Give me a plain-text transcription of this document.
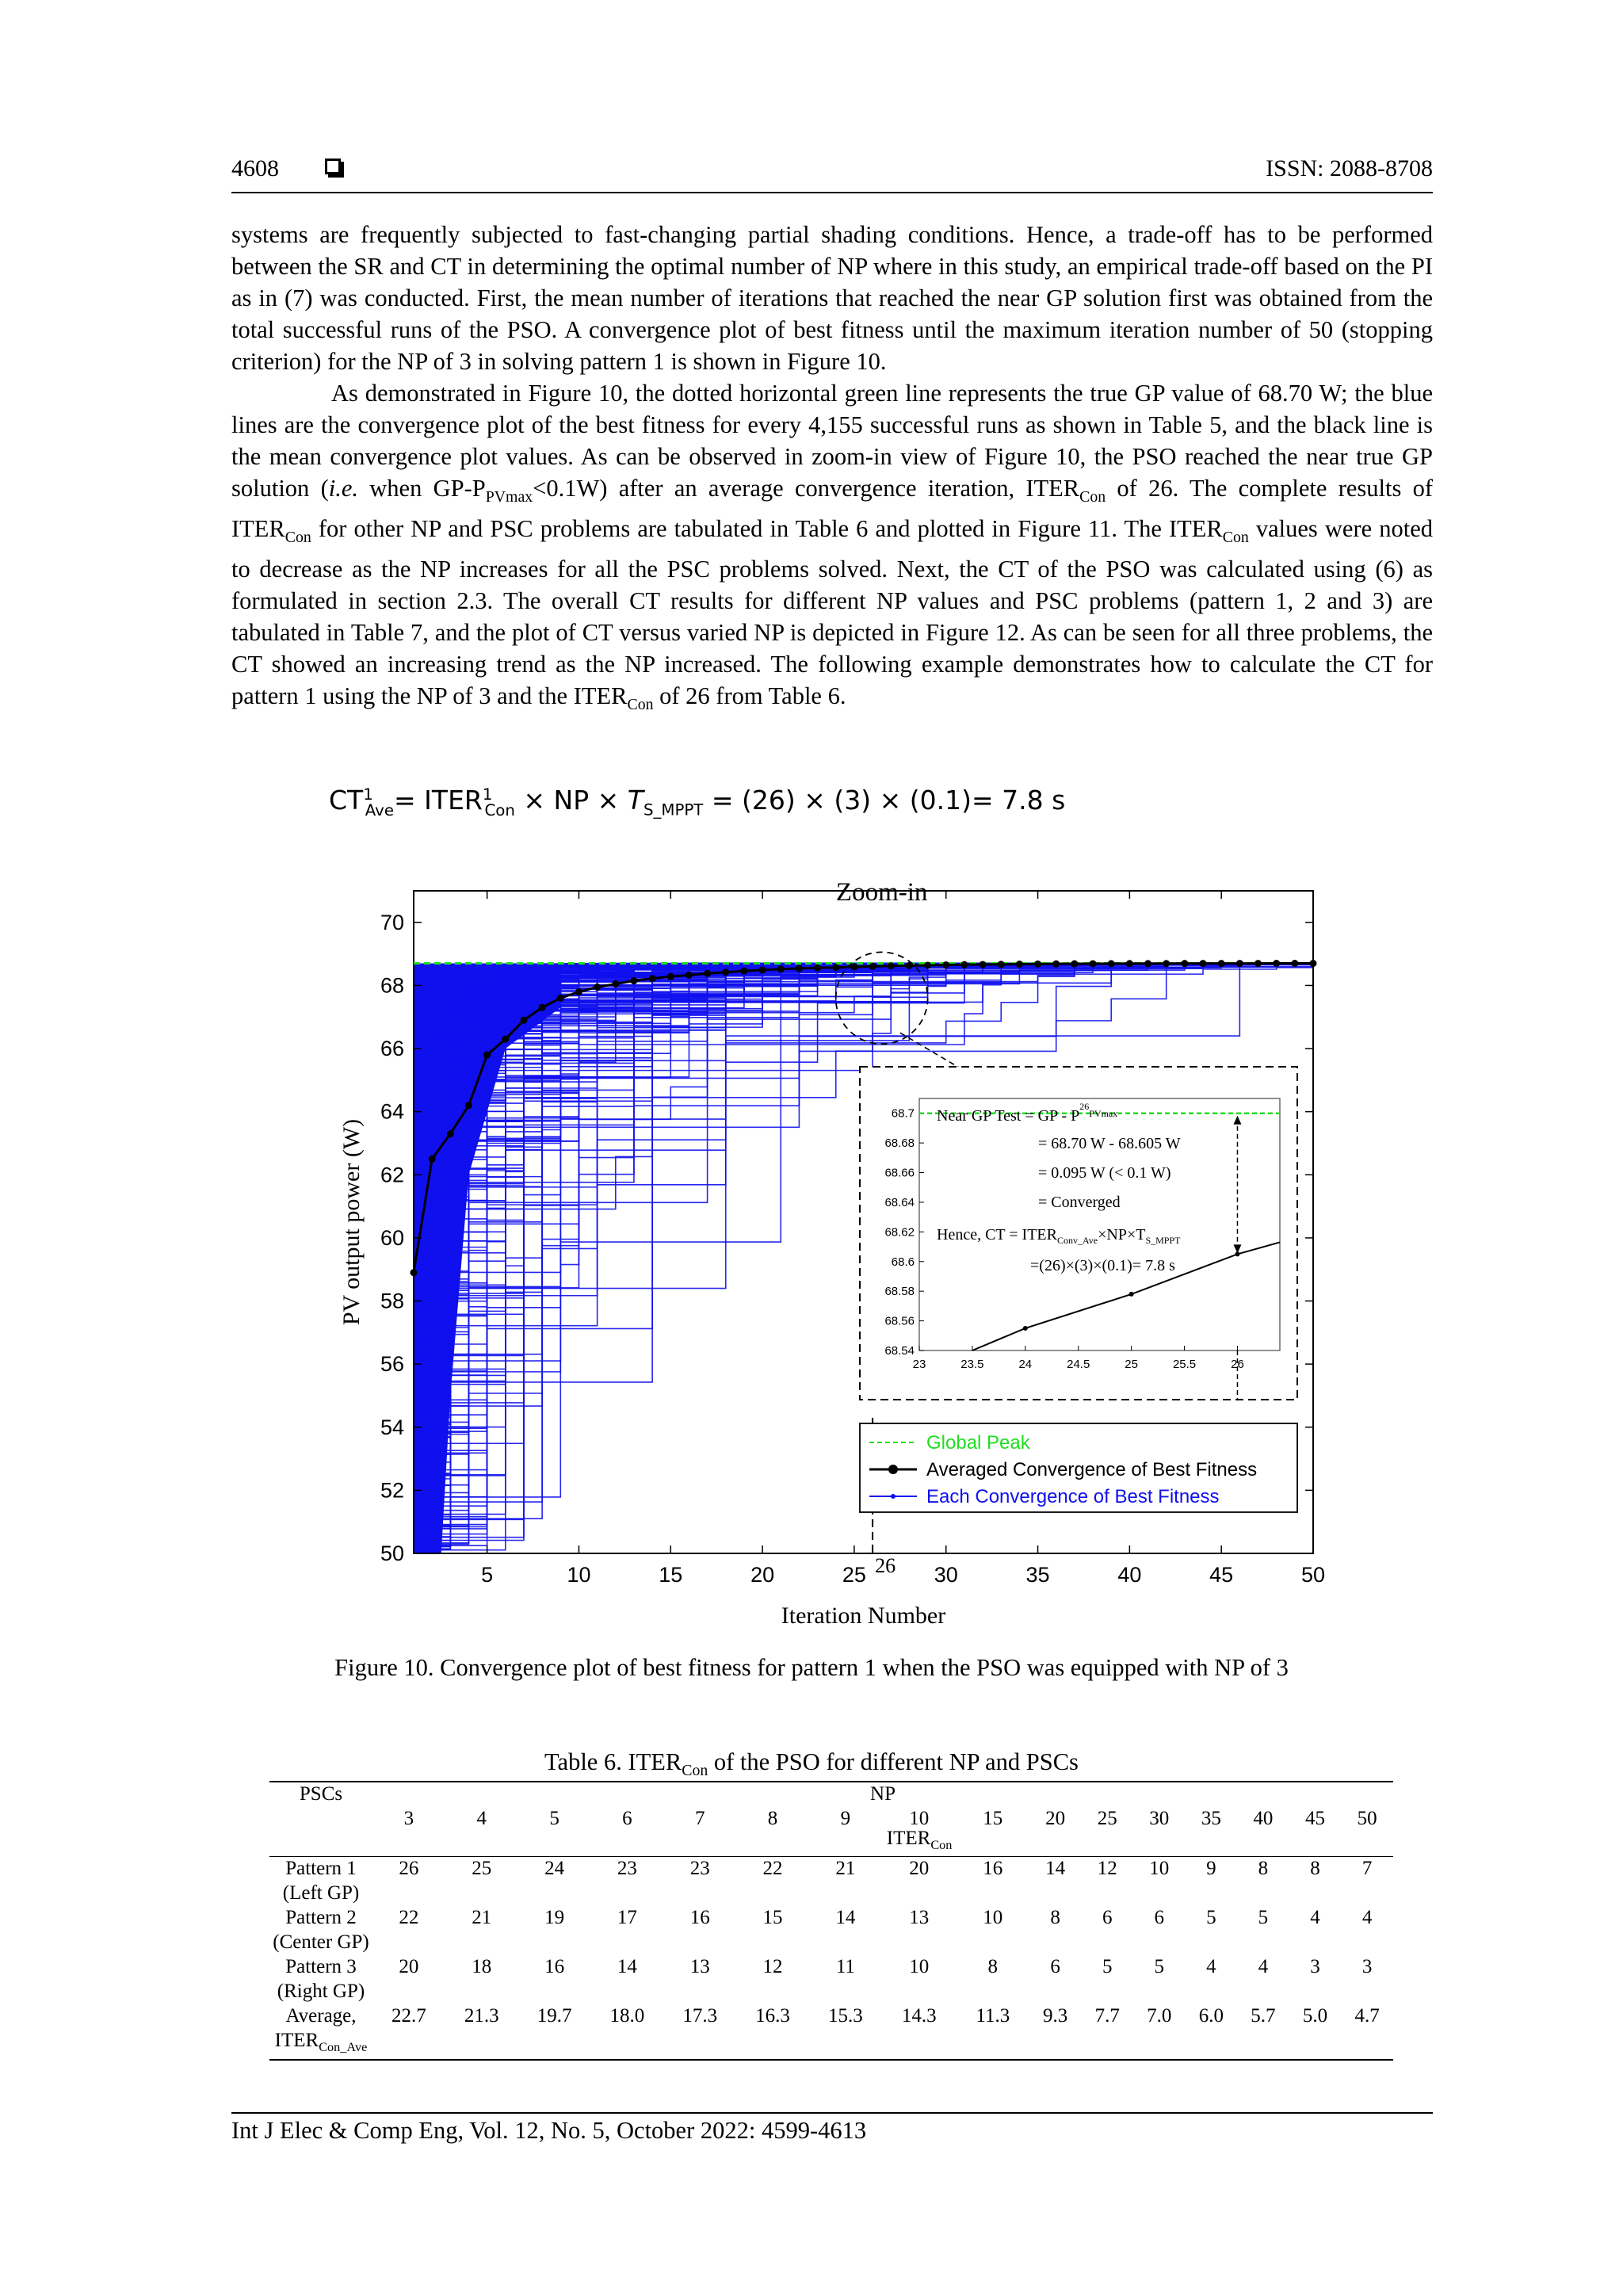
4608	ISSN: 2088-8708

systems are frequently subjected to fast-changing partial shading conditions. Hence, a trade-off has to be performed between the SR and CT in determining the optimal number of NP where in this study, an empirical trade-off based on the PI as in (7) was conducted. First, the mean number of iterations that reached the near GP solution first was obtained from the total successful runs of the PSO. A convergence plot of best fitness until the maximum iteration number of 50 (stopping criterion) for the NP of 3 in solving pattern 1 is shown in Figure 10.

As demonstrated in Figure 10, the dotted horizontal green line represents the true GP value of 68.70 W; the blue lines are the convergence plot of the best fitness for every 4,155 successful runs as shown in Table 5, and the black line is the mean convergence plot values. As can be observed in zoom-in view of Figure 10, the PSO reached the near true GP solution (i.e. when $GP-P_{PVmax}<0.1W$) after an average convergence iteration, $ITER_{Con}$ of 26. The complete results of $ITER_{Con}$ for other NP and PSC problems are tabulated in Table 6 and plotted in Figure 11. The $ITER_{Con}$ values were noted to decrease as the NP increases for all the PSC problems solved. Next, the CT of the PSO was calculated using (6) as formulated in section 2.3. The overall CT results for different NP values and PSC problems (pattern 1, 2 and 3) are tabulated in Table 7, and the plot of CT versus varied NP is depicted in Figure 12. As can be seen for all three problems, the CT showed an increasing trend as the NP increased. The following example demonstrates how to calculate the CT for pattern 1 using the NP of 3 and the $ITER_{Con}$ of 26 from Table 6.

$CT^1_{Ave}=$ $ITER^1_{Con}$ × NP × $T_{S\_MPPT} = (26) \times (3) \times (0.1)= 7.8$ s
5	10	15	20	25	30	35	40	45	50
50
52
54
56
58
60
62
64
66
68
70
Iteration Number
PV output power (W)
Zoom-in
26
23	23.5	24	24.5	25	25.5	26
68.54
68.56
68.58
68.6
68.62
68.64
68.66
68.68
68.7 Near GP Test = GP - $P^{26}_{PVmax}$
= 68.70 W - 68.605 W
= 0.095 W (< 0.1 W)
= Converged
Hence, CT = $ITER_{Conv\_Ave}\times NP\times T_{S\_MPPT}$
=(26)×(3)×(0.1)= 7.8 s
Global Peak
Averaged Convergence of Best Fitness
Each Convergence of Best Fitness
Figure 10. Convergence plot of best fitness for pattern 1 when the PSO was equipped with NP of 3
Table 6. $ITER_{Con}$ of the PSO for different NP and PSCs
PSCs	NP															
	3	4	5	6	7	8	9	10	15	20	25	30	35	40	45	50
								$ITER_{Con}$							
Pattern 1	26	25	24	23	23	22	21	20	16	14	12	10	9	8	8	7
(Left GP)																
Pattern 2	22	21	19	17	16	15	14	13	10	8	6	6	5	5	4	4
(Center GP)																
Pattern 3	20	18	16	14	13	12	11	10	8	6	5	5	4	4	3	3
(Right GP)																
Average,	22.7	21.3	19.7	18.0	17.3	16.3	15.3	14.3	11.3	9.3	7.7	7.0	6.0	5.7	5.0	4.7
$ITER_{Con\_Ave}$																
Int J Elec & Comp Eng, Vol. 12, No. 5, October 2022: 4599-4613
